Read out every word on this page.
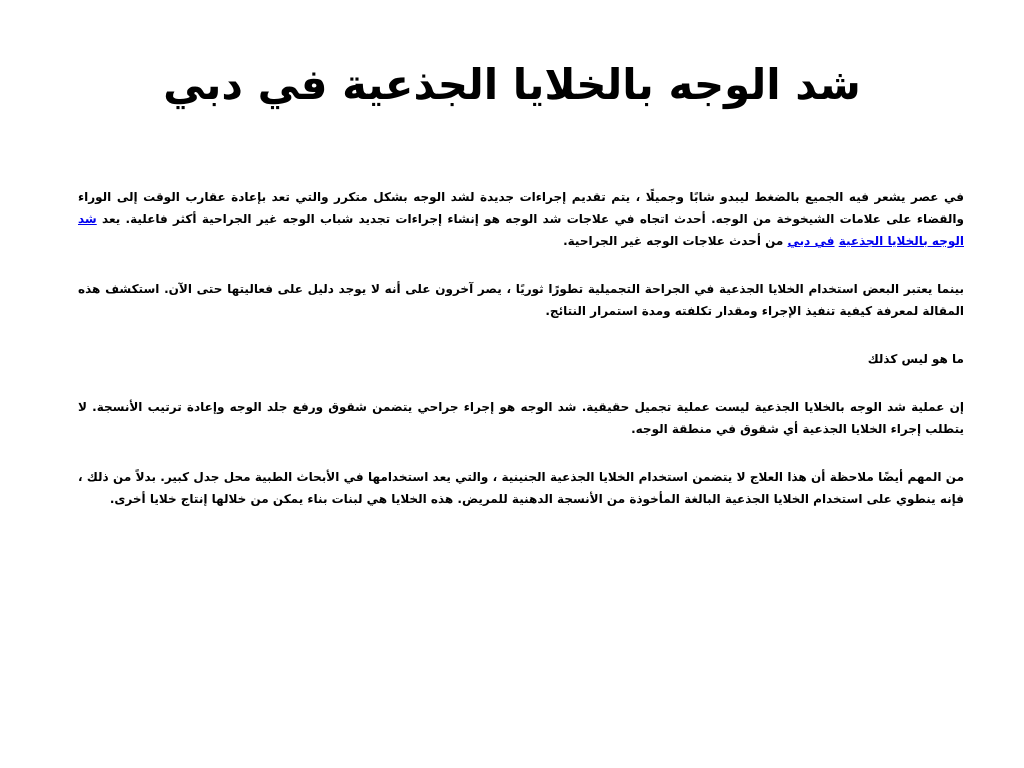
شد الوجه بالخلايا الجذعية في دبي

في عصر يشعر فيه الجميع بالضغط ليبدو شابًا وجميلًا ، يتم تقديم إجراءات جديدة لشد الوجه بشكل متكرر والتي تعد بإعادة عقارب الوقت إلى الوراء والقضاء على علامات الشيخوخة من الوجه. أحدث اتجاه في علاجات شد الوجه هو إنشاء إجراءات تجديد شباب الوجه غير الجراحية أكثر فاعلية. يعد شد الوجه بالخلايا الجذعية في دبي من أحدث علاجات الوجه غير الجراحية.

بينما يعتبر البعض استخدام الخلايا الجذعية في الجراحة التجميلية تطورًا ثوريًا ، يصر آخرون على أنه لا يوجد دليل على فعاليتها حتى الآن. استكشف هذه المقالة لمعرفة كيفية تنفيذ الإجراء ومقدار تكلفته ومدة استمرار النتائج.

ما هو ليس كذلك

إن عملية شد الوجه بالخلايا الجذعية ليست عملية تجميل حقيقية. شد الوجه هو إجراء جراحي يتضمن شقوق ورفع جلد الوجه وإعادة ترتيب الأنسجة. لا يتطلب إجراء الخلايا الجذعية أي شقوق في منطقة الوجه.

من المهم أيضًا ملاحظة أن هذا العلاج لا يتضمن استخدام الخلايا الجذعية الجنينية ، والتي يعد استخدامها في الأبحاث الطبية محل جدل كبير. بدلاً من ذلك ، فإنه ينطوي على استخدام الخلايا الجذعية البالغة المأخوذة من الأنسجة الدهنية للمريض. هذه الخلايا هي لبنات بناء يمكن من خلالها إنتاج خلايا أخرى.
